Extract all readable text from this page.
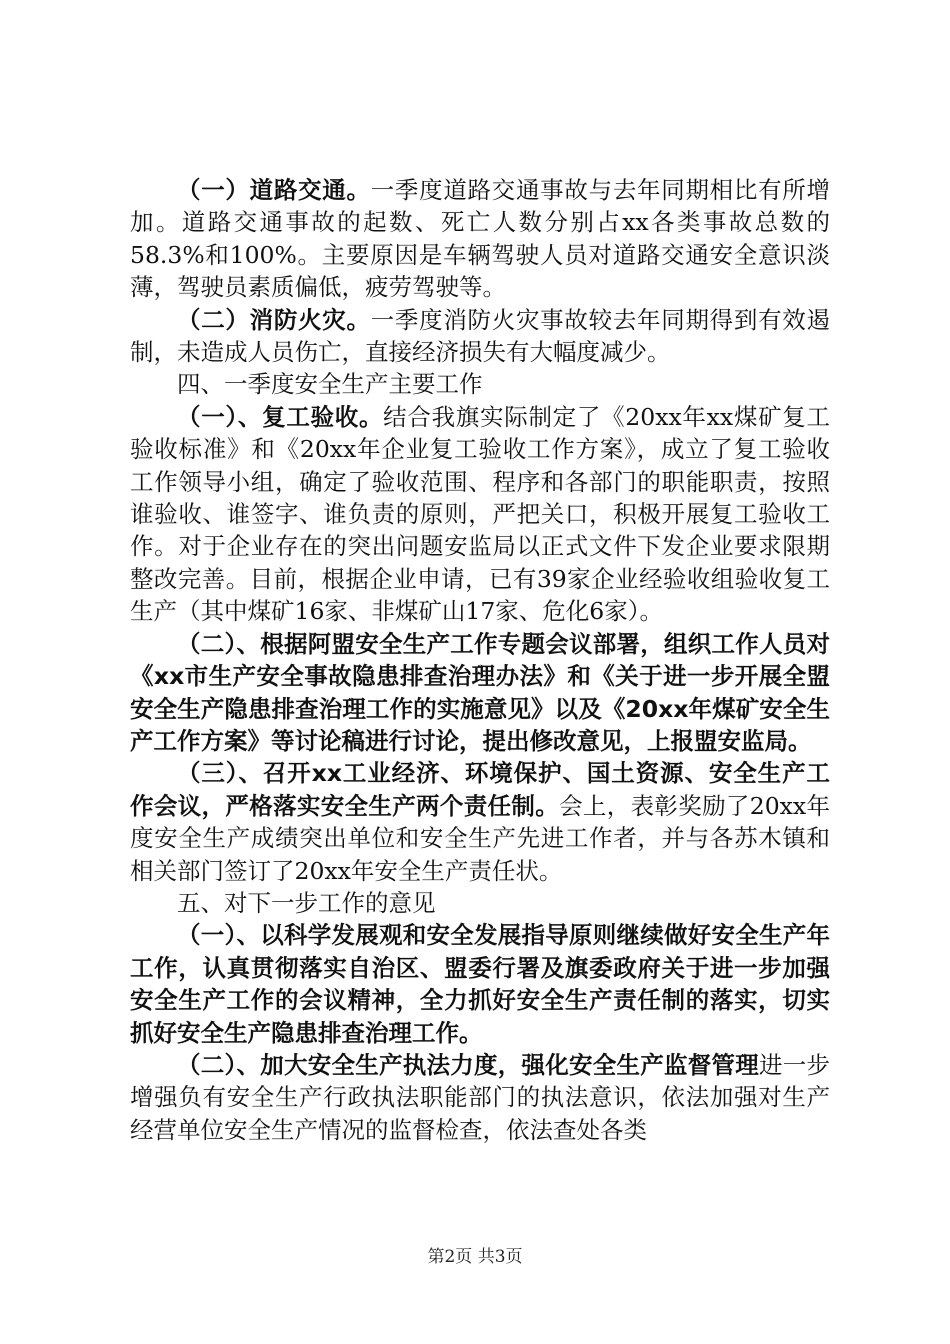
（一）道路交通。一季度道路交通事故与去年同期相比有所增加。道路交通事故的起数、死亡人数分别占xx各类事故总数的58.3%和100%。主要原因是车辆驾驶人员对道路交通安全意识淡薄，驾驶员素质偏低，疲劳驾驶等。

（二）消防火灾。一季度消防火灾事故较去年同期得到有效遏制，未造成人员伤亡，直接经济损失有大幅度减少。

四、一季度安全生产主要工作

（一）、复工验收。结合我旗实际制定了《20xx年xx煤矿复工验收标准》和《20xx年企业复工验收工作方案》，成立了复工验收工作领导小组，确定了验收范围、程序和各部门的职能职责，按照谁验收、谁签字、谁负责的原则，严把关口，积极开展复工验收工作。对于企业存在的突出问题安监局以正式文件下发企业要求限期整改完善。目前，根据企业申请，已有39家企业经验收组验收复工生产（其中煤矿16家、非煤矿山17家、危化6家）。

（二）、根据阿盟安全生产工作专题会议部署，组织工作人员对《xx市生产安全事故隐患排查治理办法》和《关于进一步开展全盟安全生产隐患排查治理工作的实施意见》以及《20xx年煤矿安全生产工作方案》等讨论稿进行讨论，提出修改意见，上报盟安监局。

（三）、召开xx工业经济、环境保护、国土资源、安全生产工作会议，严格落实安全生产两个责任制。会上，表彰奖励了20xx年度安全生产成绩突出单位和安全生产先进工作者，并与各苏木镇和相关部门签订了20xx年安全生产责任状。

五、对下一步工作的意见

（一）、以科学发展观和安全发展指导原则继续做好安全生产年工作，认真贯彻落实自治区、盟委行署及旗委政府关于进一步加强安全生产工作的会议精神，全力抓好安全生产责任制的落实，切实抓好安全生产隐患排查治理工作。

（二）、加大安全生产执法力度，强化安全生产监督管理进一步增强负有安全生产行政执法职能部门的执法意识，依法加强对生产经营单位安全生产情况的监督检查，依法查处各类

第2页 共3页
